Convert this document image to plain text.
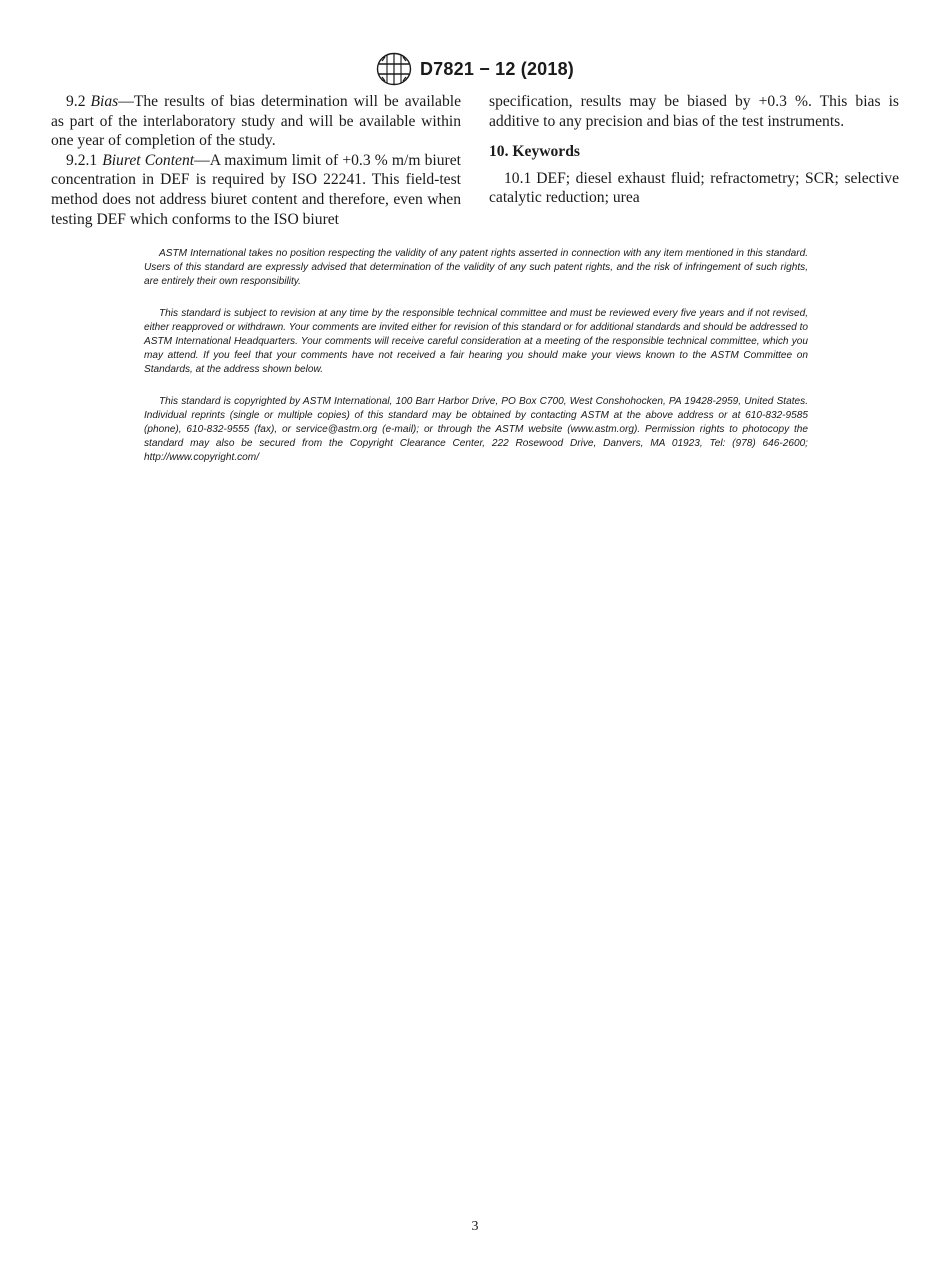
D7821 − 12 (2018)

9.2 Bias—The results of bias determination will be available as part of the interlaboratory study and will be available within one year of completion of the study.

9.2.1 Biuret Content—A maximum limit of +0.3 % m/m biuret concentration in DEF is required by ISO 22241. This field-test method does not address biuret content and therefore, even when testing DEF which conforms to the ISO biuret

specification, results may be biased by +0.3 %. This bias is additive to any precision and bias of the test instruments.

10. Keywords

10.1 DEF; diesel exhaust fluid; refractometry; SCR; selective catalytic reduction; urea

ASTM International takes no position respecting the validity of any patent rights asserted in connection with any item mentioned in this standard. Users of this standard are expressly advised that determination of the validity of any such patent rights, and the risk of infringement of such rights, are entirely their own responsibility.

This standard is subject to revision at any time by the responsible technical committee and must be reviewed every five years and if not revised, either reapproved or withdrawn. Your comments are invited either for revision of this standard or for additional standards and should be addressed to ASTM International Headquarters. Your comments will receive careful consideration at a meeting of the responsible technical committee, which you may attend. If you feel that your comments have not received a fair hearing you should make your views known to the ASTM Committee on Standards, at the address shown below.

This standard is copyrighted by ASTM International, 100 Barr Harbor Drive, PO Box C700, West Conshohocken, PA 19428-2959, United States. Individual reprints (single or multiple copies) of this standard may be obtained by contacting ASTM at the above address or at 610-832-9585 (phone), 610-832-9555 (fax), or service@astm.org (e-mail); or through the ASTM website (www.astm.org). Permission rights to photocopy the standard may also be secured from the Copyright Clearance Center, 222 Rosewood Drive, Danvers, MA 01923, Tel: (978) 646-2600; http://www.copyright.com/

3
